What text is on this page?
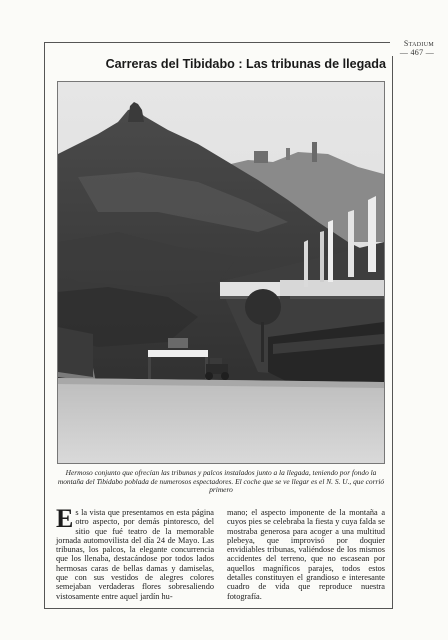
Stadium
— 467 —
Carreras del Tibidabo : Las tribunas de llegada
Hermoso conjunto que ofrecían las tribunas y palcos instalados junto a la llegada, teniendo por fondo la montaña del Tibidabo poblada de numerosos espectadores. El coche que se ve llegar es el N. S. U., que corrió primero
E s la vista que presentamos en esta página otro aspecto, por demás pintoresco, del sitio que fué teatro de la memorable jornada automovilista del día 24 de Mayo. Las tribunas, los palcos, la elegante concurrencia que los llenaba, destacándose por todos lados hermosas caras de bellas damas y damiselas, que con sus vestidos de alegres colores semejaban verdaderas flores sobresaliendo vistosamente entre aquel jardín hu-
mano; el aspecto imponente de la montaña a cuyos pies se celebraba la fiesta y cuya falda se mostraba generosa para acoger a una multitud plebeya, que improvisó por doquier envidiables tribunas, valiéndose de los mismos accidentes del terreno, que no escasean por aquellos magníficos parajes, todos estos detalles constituyen el grandioso e interesante cuadro de vida que reproduce nuestra fotografía.
